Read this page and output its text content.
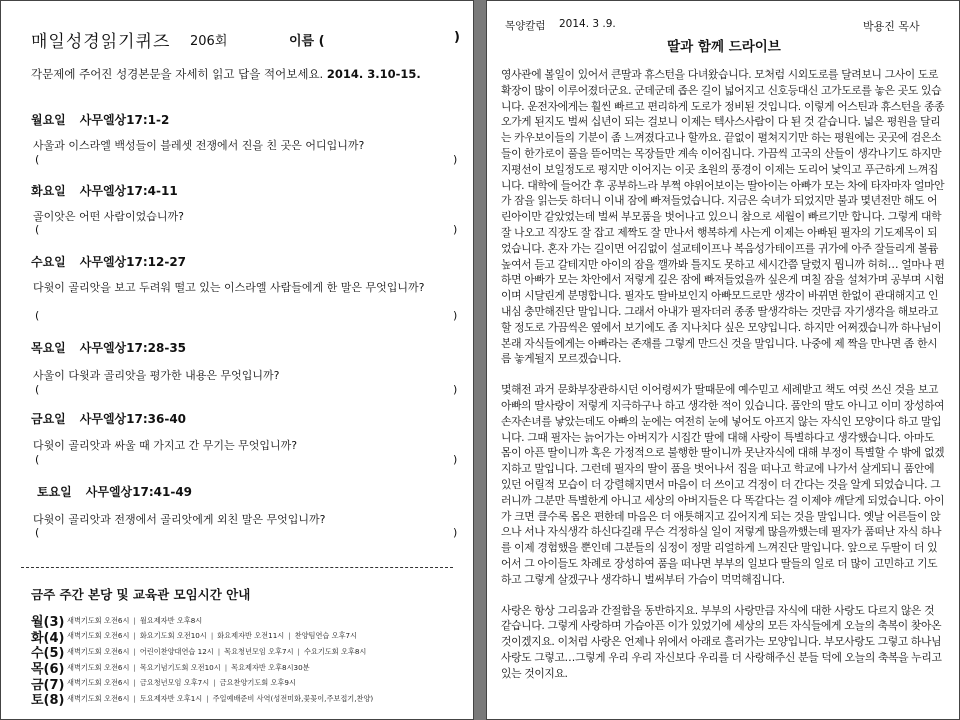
매일성경읽기퀴즈 206회	이름 (	)
각문제에 주어진 성경본문을 자세히 읽고 답을 적어보세요. 2014. 3.10-15.
월요일 사무엘상17:1-2
사울과 이스라엘 백성들이 블레셋 전쟁에서 진을 친 곳은 어디입니까?
(	)
화요일 사무엘상17:4-11
골이앗은 어떤 사람이었습니까?
(	)
수요일 사무엘상17:12-27
다윗이 골리앗을 보고 두려워 떨고 있는 이스라엘 사람들에게 한 말은 무엇입니까?
(	)
목요일 사무엘상17:28-35
사울이 다윗과 골리앗을 평가한 내용은 무엇입니까?
(	)
금요일 사무엘상17:36-40
다윗이 골리앗과 싸울 때 가지고 간 무기는 무엇입니까?
(	)
토요일 사무엘상17:41-49
다윗이 골리앗과 전쟁에서 골리앗에게 외친 말은 무엇입니까?
(	)
금주 주간 본당 및 교육관 모임시간 안내
월(3) 새벽기도회 오전6시 | 월요제자반 오후8시
화(4) 새벽기도회 오전6시 | 화요기도회 오전10시 | 화요제자반 오전11시 | 찬양팀연습 오후7시
수(5) 새벽기도회 오전6시 | 어린이찬양대연습 12시 | 목요청년모임 오후7시 | 수요기도회 오후8시
목(6) 새벽기도회 오전6시 | 목요기념기도회 오전10시 | 목요제자반 오후8시30분
금(7) 새벽기도회 오전6시 | 금요청년모임 오후7시 | 금요찬양기도회 오후9시
토(8) 새벽기도회 오전6시 | 토요제자반 오후1시 | 주일예배준비 사역(성전미화,꽃꽂이,주보접기,찬양)
목양칼럼 2014. 3 .9.	박용진 목사
딸과 함께 드라이브

영사관에 볼일이 있어서 큰딸과 휴스턴을 다녀왔습니다. 모처럼 시외도로를 달려보니 그사이 도로확장이 많이 이루어졌더군요. 군데군데 좁은 길이 넓어지고 신호등대신 고가도로를 놓은 곳도 있습니다. 운전자에게는 훨씬 빠르고 편리하게 도로가 정비된 것입니다. 이렇게 어스틴과 휴스턴을 종종 오가게 된지도 벌써 십년이 되는 걸보니 이제는 텍사스사람이 다 된 것 같습니다. 넓은 평원을 달리는 카우보이들의 기분이 좀 느껴졌다고나 할까요. 끝없이 펼쳐지기만 하는 평원에는 곳곳에 검은소들이 한가로이 풀을 뜯어먹는 목장들만 계속 이어집니다. 가끔씩 고국의 산들이 생각나기도 하지만 지평선이 보일정도로 평지만 이어지는 이곳 초원의 풍경이 이제는 도리어 낯익고 푸근하게 느껴집니다. 대학에 들어간 후 공부하느라 부쩍 야위어보이는 딸아이는 아빠가 모는 차에 타자마자 얼마안가 잠을 읽는듯 하더니 이내 잠에 빠져들었습니다. 지금은 숙녀가 되었지만 불과 몇년전만 해도 어린아이만 같았었는데 벌써 부모품을 벗어나고 있으니 참으로 세월이 빠르기만 합니다. 그렇게 대학 잘 나오고 직장도 잘 잡고 제짝도 잘 만나서 행복하게 사는게 이제는 아빠된 필자의 기도제목이 되었습니다. 혼자 가는 길이면 어김없이 설교테이프나 복음성가테이프를 귀가에 아주 잘들리게 볼륨높여서 듣고 갈테지만 아이의 잠을 깰까봐 틀지도 못하고 세시간쯤 달렸지 뭡니까 허허… 얼마나 편하면 아빠가 모는 차안에서 저렇게 깊은 잠에 빠져들었을까 싶은게 며칠 잠을 설쳐가며 공부며 시험이며 시달린게 분명합니다. 필자도 딸바보인지 아빠모드로만 생각이 바뀌면 한없이 관대해지고 인내심 충만해진단 말입니다. 그래서 아내가 필자더러 종종 딸생각하는 것만큼 자기생각을 해보라고 할 정도로 가끔씩은 옆에서 보기에도 좀 지나치다 싶은 모양입니다. 하지만 어쩌겠습니까 하나님이 본래 자식들에게는 아빠라는 존재를 그렇게 만드신 것을 말입니다. 나중에 제 짝을 만나면 좀 한시름 놓게될지 모르겠습니다.

몇해전 과거 문화부장관하시던 이어령씨가 딸때문에 예수믿고 세례받고 책도 여럿 쓰신 것을 보고 아빠의 딸사랑이 저렇게 지극하구나 하고 생각한 적이 있습니다. 품안의 딸도 아니고 이미 장성하여 손자손녀를 낳았는데도 아빠의 눈에는 여전히 눈에 넣어도 아프지 않는 자식인 모양이다 하고 말입니다. 그때 필자는 늙어가는 아버지가 시집간 딸에 대해 사랑이 특별하다고 생각했습니다. 아마도 몸이 아픈 딸이니까 혹은 가정적으로 불행한 딸이니까 못난자식에 대해 부정이 특별할 수 밖에 없겠지하고 말입니다. 그런데 필자의 딸이 품을 벗어나서 집을 떠나고 학교에 나가서 살게되니 품안에 있던 어릴적 모습이 더 강렬해지면서 마음이 더 쓰이고 걱정이 더 간다는 것을 알게 되었습니다. 그러니까 그분만 특별한게 아니고 세상의 아버지들은 다 똑같다는 걸 이제야 깨닫게 되었습니다. 아이가 크면 클수록 몸은 편한데 마음은 더 애틋해지고 깊어지게 되는 것을 말입니다. 옛날 어른들이 앉으나 서나 자식생각 하신다길래 무슨 걱정하실 일이 저렇게 많을까했는데 필자가 품떠난 자식 하나를 이제 경험했을 뿐인데 그분들의 심정이 정말 리얼하게 느껴진단 말입니다. 앞으로 두딸이 더 있어서 그 아이들도 차례로 장성하여 품을 떠나면 부부의 일보다 딸들의 일로 더 많이 고민하고 기도하고 그렇게 살겠구나 생각하니 벌써부터 가슴이 먹먹해집니다.

사랑은 항상 그리움과 간절함을 동반하지요. 부부의 사랑만큼 자식에 대한 사랑도 다르지 않은 것 같습니다. 그렇게 사랑하며 가슴아픈 이가 있었기에 세상의 모든 자식들에게 오늘의 축복이 찾아온 것이겠지요. 이처럼 사랑은 언제나 위에서 아래로 흘러가는 모양입니다. 부모사랑도 그렇고 하나님사랑도 그렇고…그렇게 우리 우리 자신보다 우리를 더 사랑해주신 분들 덕에 오늘의 축복을 누리고 있는 것이지요.
